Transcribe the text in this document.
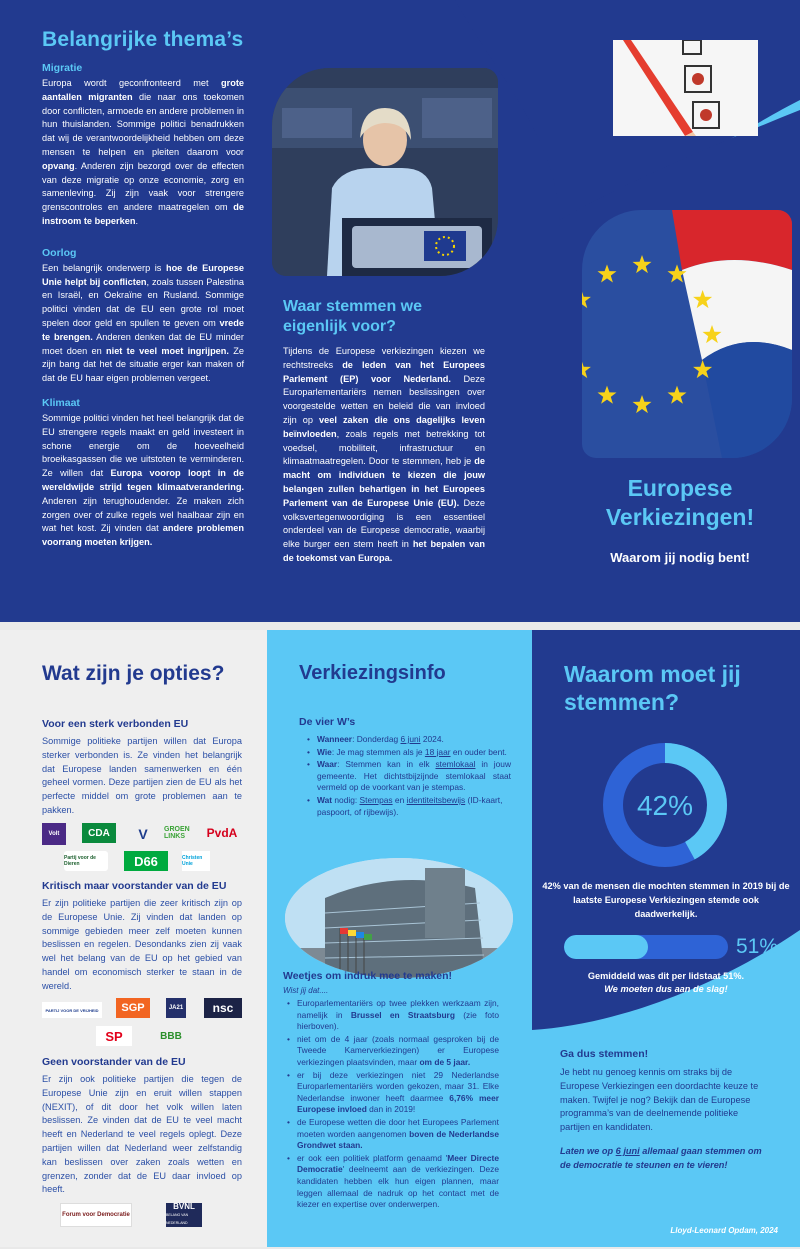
Belangrijke thema’s
Migratie

Europa wordt geconfronteerd met grote aantallen migranten die naar ons toekomen door conflicten, armoede en andere problemen in hun thuislanden. Sommige politici benadrukken dat wij de verantwoordelijkheid hebben om deze mensen te helpen en pleiten daarom voor opvang. Anderen zijn bezorgd over de effecten van deze migratie op onze economie, zorg en samenleving. Zij zijn vaak voor strengere grenscontroles en andere maatregelen om de instroom te beperken.

Oorlog

Een belangrijk onderwerp is hoe de Europese Unie helpt bij conflicten, zoals tussen Palestina en Israël, en Oekraïne en Rusland. Sommige politici vinden dat de EU een grote rol moet spelen door geld en spullen te geven om vrede te brengen. Anderen denken dat de EU minder moet doen en niet te veel moet ingrijpen. Ze zijn bang dat het de situatie erger kan maken of dat de EU haar eigen problemen vergeet.

Klimaat

Sommige politici vinden het heel belangrijk dat de EU strengere regels maakt en geld investeert in schone energie om de hoeveelheid broeikasgassen die we uitstoten te verminderen. Ze willen dat Europa voorop loopt in de wereldwijde strijd tegen klimaatverandering. Anderen zijn terughoudender. Ze maken zich zorgen over of zulke regels wel haalbaar zijn en wat het kost. Zij vinden dat andere problemen voorrang moeten krijgen.

Waar stemmen we eigenlijk voor?

Tijdens de Europese verkiezingen kiezen we rechtstreeks de leden van het Europees Parlement (EP) voor Nederland. Deze Europarlementariërs nemen beslissingen over voorgestelde wetten en beleid die van invloed zijn op veel zaken die ons dagelijks leven beïnvloeden, zoals regels met betrekking tot voedsel, mobiliteit, infrastructuur en klimaatmaatregelen. Door te stemmen, heb je de macht om individuen te kiezen die jouw belangen zullen behartigen in het Europees Parlement van de Europese Unie (EU). Deze volksvertegenwoordiging is een essentieel onderdeel van de Europese democratie, waarbij elke burger een stem heeft in het bepalen van de toekomst van Europa.

Europese Verkiezingen!
Waarom jij nodig bent!
Wat zijn je opties?
Voor een sterk verbonden EU

Sommige politieke partijen willen dat Europa sterker verbonden is. Ze vinden het belangrijk dat Europese landen samenwerken en één geheel vormen. Deze partijen zien de EU als het perfecte middel om grote problemen aan te pakken.

Volt	CDA	V	GROEN LINKS	PvdA
Partij voor de Dieren	D66	Christen Unie
Kritisch maar voorstander van de EU

Er zijn politieke partijen die zeer kritisch zijn op de Europese Unie. Zij vinden dat landen op sommige gebieden meer zelf moeten kunnen beslissen en regelen. Desondanks zien zij vaak wel het belang van de EU op het gebied van handel om economisch sterker te staan in de wereld.

PARTIJ VOOR DE VRIJHEID	SGP	JA21	nsc
SP	BBB
Geen voorstander van de EU

Er zijn ook politieke partijen die tegen de Europese Unie zijn en eruit willen stappen (NEXIT), of dit door het volk willen laten beslissen. Ze vinden dat de EU te veel macht heeft en Nederland te veel regels oplegt. Deze partijen willen dat Nederland weer zelfstandig kan beslissen over zaken zoals wetten en grenzen, zonder dat de EU daar invloed op heeft.

Forum voor Democratie
BVNL
BELANG VAN NEDERLAND
Verkiezingsinfo
De vier W’s
• Wanneer: Donderdag 6 juni 2024.
• Wie: Je mag stemmen als je 18 jaar en ouder bent.
• Waar: Stemmen kan in elk stemlokaal in jouw gemeente. Het dichtstbijzijnde stemlokaal staat vermeld op de voorkant van je stempas.
• Wat nodig: Stempas en identiteitsbewijs (ID-kaart, paspoort, of rijbewijs).
Weetjes om indruk mee te maken!
Wist jij dat....
• Europarlementariërs op twee plekken werkzaam zijn, namelijk in Brussel en Straatsburg (zie foto hierboven).
• niet om de 4 jaar (zoals normaal gesproken bij de Tweede Kamerverkiezingen) er Europese verkiezingen plaatsvinden, maar om de 5 jaar.
• er bij deze verkiezingen niet 29 Nederlandse Europarlementariërs worden gekozen, maar 31. Elke Nederlandse inwoner heeft daarmee 6,76% meer Europese invloed dan in 2019!
• de Europese wetten die door het Europees Parlement moeten worden aangenomen boven de Nederlandse Grondwet staan.
• er ook een politiek platform genaamd 'Meer Directe Democratie' deelneemt aan de verkiezingen. Deze kandidaten hebben elk hun eigen plannen, maar leggen allemaal de nadruk op het contact met de kiezer en expertise over onderwerpen.
Waarom moet jij stemmen?
42%

42% van de mensen die mochten stemmen in 2019 bij de laatste Europese Verkiezingen stemde ook daadwerkelijk.

51%

Gemiddeld was dit per lidstaat 51%.

We moeten dus aan de slag!

Ga dus stemmen!

Je hebt nu genoeg kennis om straks bij de Europese Verkiezingen een doordachte keuze te maken. Twijfel je nog? Bekijk dan de Europese programma’s van de deelnemende politieke partijen en kandidaten.

Laten we op 6 juni allemaal gaan stemmen om de democratie te steunen en te vieren!

Lloyd-Leonard Opdam, 2024
